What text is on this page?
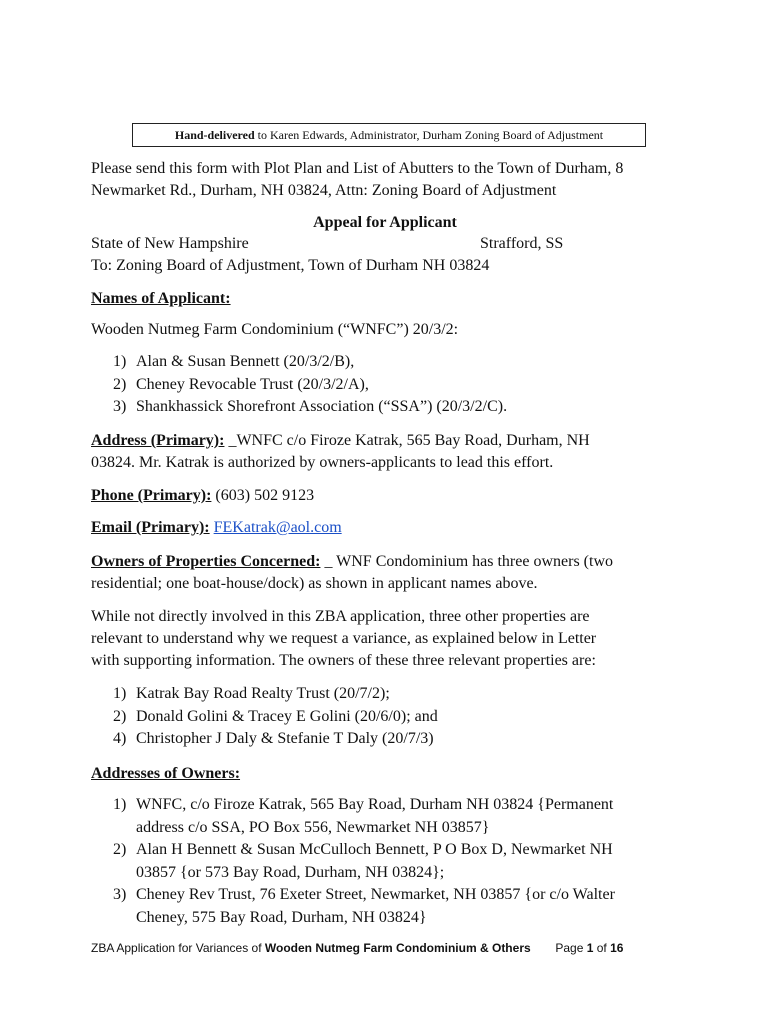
Hand-delivered to Karen Edwards, Administrator, Durham Zoning Board of Adjustment
Please send this form with Plot Plan and List of Abutters to the Town of Durham, 8
Newmarket Rd., Durham, NH 03824, Attn: Zoning Board of Adjustment
Appeal for Applicant
State of New Hampshire	Strafford, SS
To: Zoning Board of Adjustment, Town of Durham NH 03824
Names of Applicant:
Wooden Nutmeg Farm Condominium (“WNFC”) 20/3/2:
1) Alan & Susan Bennett (20/3/2/B),
2) Cheney Revocable Trust (20/3/2/A),
3) Shankhassick Shorefront Association (“SSA”) (20/3/2/C).
Address (Primary): _WNFC c/o Firoze Katrak, 565 Bay Road, Durham, NH
03824. Mr. Katrak is authorized by owners-applicants to lead this effort.
Phone (Primary): (603) 502 9123
Email (Primary): FEKatrak@aol.com
Owners of Properties Concerned: _ WNF Condominium has three owners (two
residential; one boat-house/dock) as shown in applicant names above.
While not directly involved in this ZBA application, three other properties are
relevant to understand why we request a variance, as explained below in Letter
with supporting information. The owners of these three relevant properties are:
1) Katrak Bay Road Realty Trust (20/7/2);
2) Donald Golini & Tracey E Golini (20/6/0); and
4) Christopher J Daly & Stefanie T Daly (20/7/3)
Addresses of Owners:
1) WNFC, c/o Firoze Katrak, 565 Bay Road, Durham NH 03824 {Permanent
address c/o SSA, PO Box 556, Newmarket NH 03857}
2) Alan H Bennett & Susan McCulloch Bennett, P O Box D, Newmarket NH
03857 {or 573 Bay Road, Durham, NH 03824};
3) Cheney Rev Trust, 76 Exeter Street, Newmarket, NH 03857 {or c/o Walter
Cheney, 575 Bay Road, Durham, NH 03824}
ZBA Application for Variances of Wooden Nutmeg Farm Condominium & Others Page 1 of 16
